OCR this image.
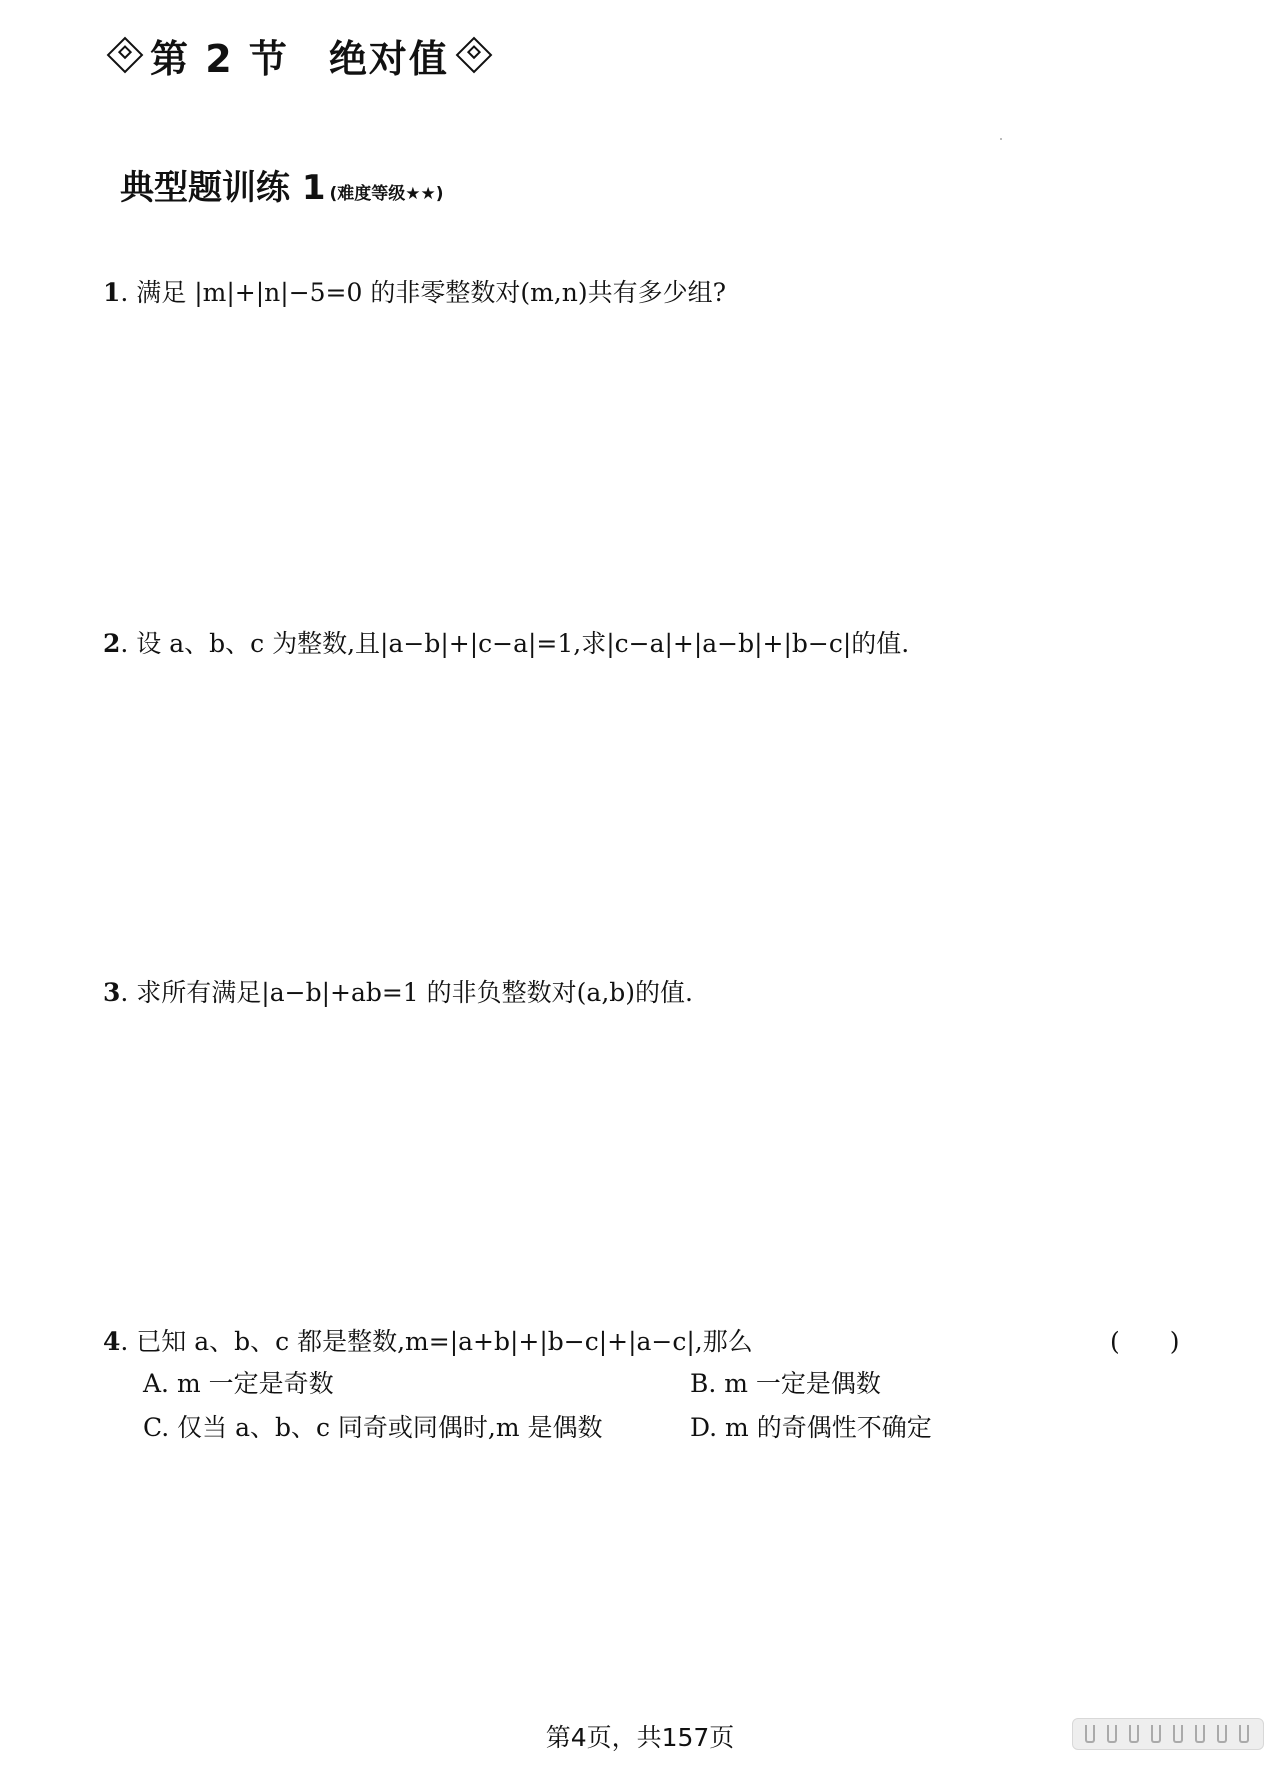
第 2 节　绝对值
典型题训练 1 (难度等级★★)
1. 满足 |m|+|n|−5=0 的非零整数对(m,n)共有多少组?
2. 设 a、b、c 为整数,且|a−b|+|c−a|=1,求|c−a|+|a−b|+|b−c|的值.
3. 求所有满足|a−b|+ab=1 的非负整数对(a,b)的值.
4. 已知 a、b、c 都是整数,m=|a+b|+|b−c|+|a−c|,那么	(　　)
A. m 一定是奇数	B. m 一定是偶数
C. 仅当 a、b、c 同奇或同偶时,m 是偶数	D. m 的奇偶性不确定
第4页，共157页
